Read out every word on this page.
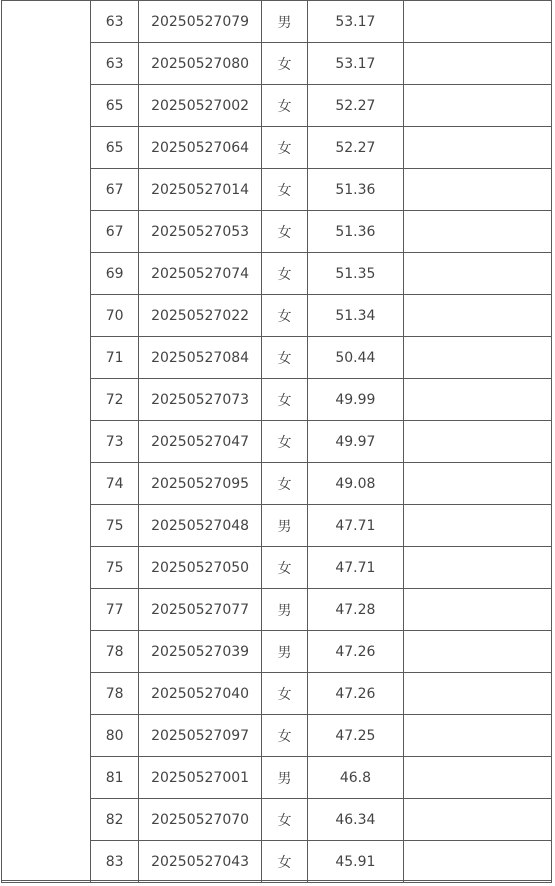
	63	20250527079	男	53.17	
	63	20250527080	女	53.17	
	65	20250527002	女	52.27	
	65	20250527064	女	52.27	
	67	20250527014	女	51.36	
	67	20250527053	女	51.36	
	69	20250527074	女	51.35	
	70	20250527022	女	51.34	
	71	20250527084	女	50.44	
	72	20250527073	女	49.99	
	73	20250527047	女	49.97	
	74	20250527095	女	49.08	
	75	20250527048	男	47.71	
	75	20250527050	女	47.71	
	77	20250527077	男	47.28	
	78	20250527039	男	47.26	
	78	20250527040	女	47.26	
	80	20250527097	女	47.25	
	81	20250527001	男	46.8	
	82	20250527070	女	46.34	
	83	20250527043	女	45.91	
